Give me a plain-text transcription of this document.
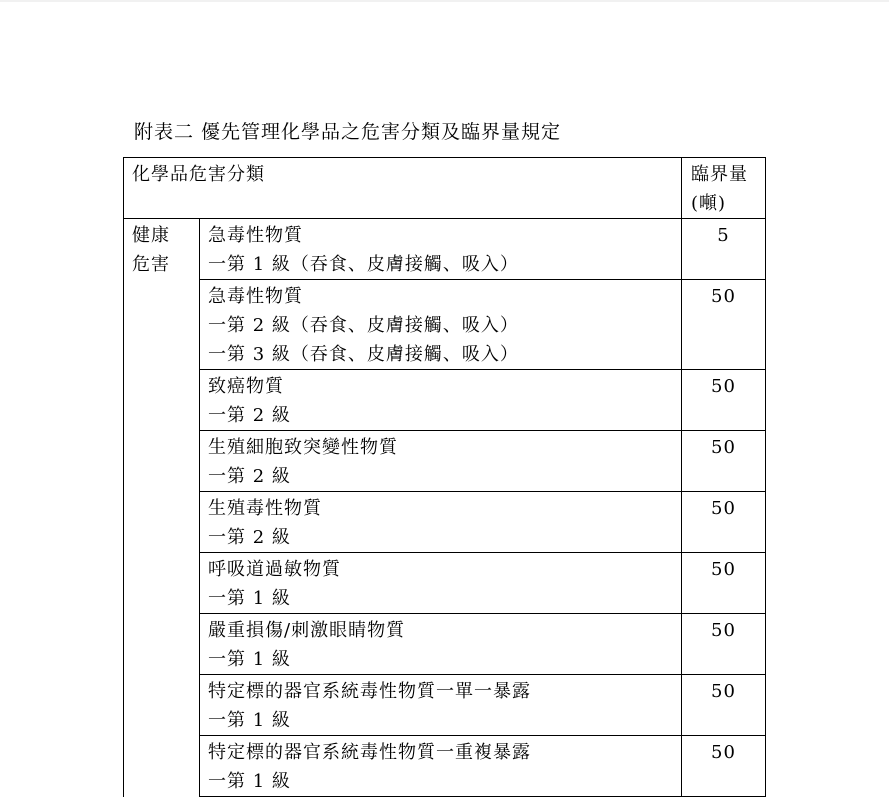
附表二 優先管理化學品之危害分類及臨界量規定
化學品危害分類		臨界量
(噸)

健康
危害	急毒性物質
一第 1 級（吞食、皮膚接觸、吸入）	5

	急毒性物質
一第 2 級（吞食、皮膚接觸、吸入）
一第 3 級（吞食、皮膚接觸、吸入）	50

	致癌物質
一第 2 級	50

	生殖細胞致突變性物質
一第 2 級	50

	生殖毒性物質
一第 2 級	50

	呼吸道過敏物質
一第 1 級	50

	嚴重損傷/刺激眼睛物質
一第 1 級	50

	特定標的器官系統毒性物質一單一暴露
一第 1 級	50

	特定標的器官系統毒性物質一重複暴露
一第 1 級	50
